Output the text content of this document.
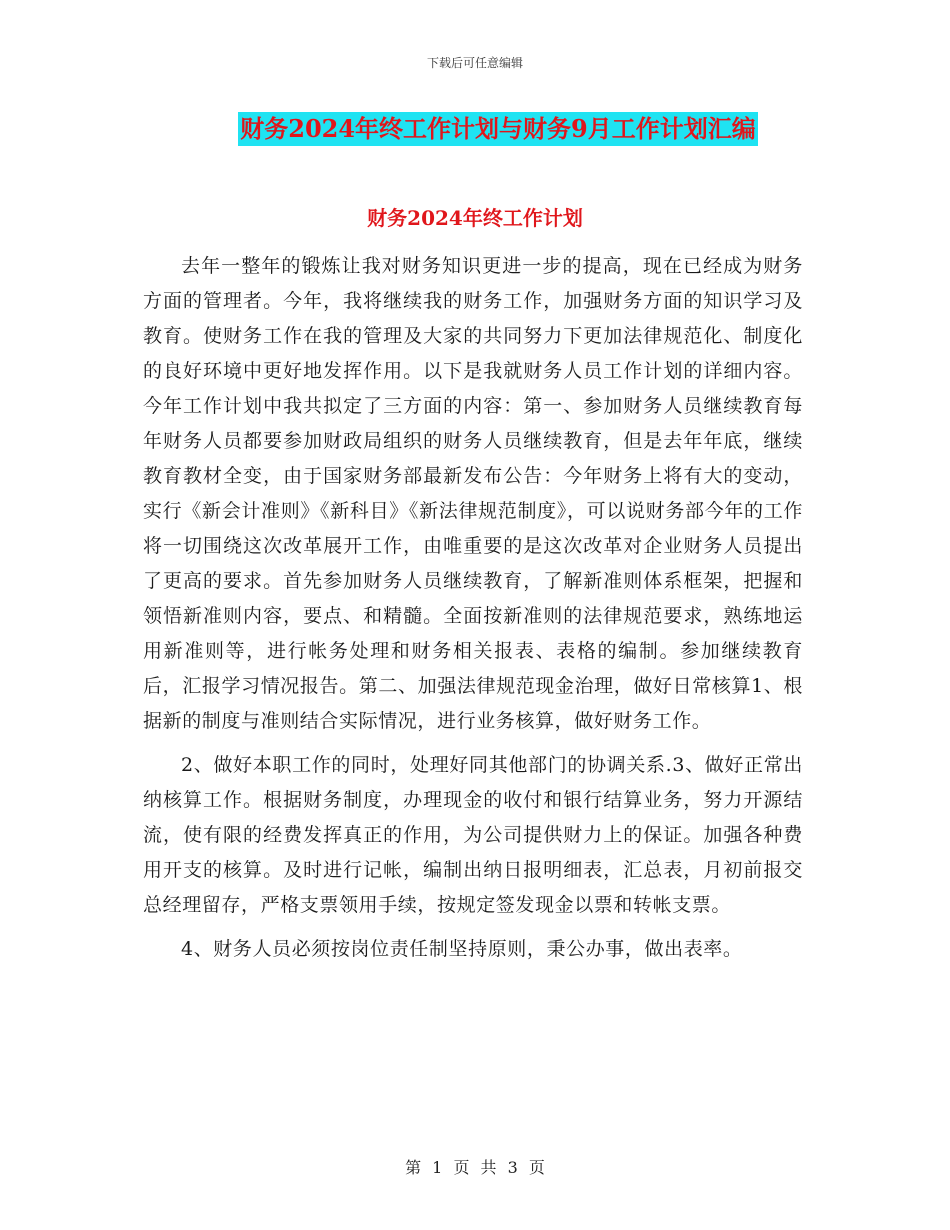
下载后可任意编辑
财务2024年终工作计划与财务9月工作计划汇编
财务2024年终工作计划

去年一整年的锻炼让我对财务知识更进一步的提高，现在已经成为财务方面的管理者。今年，我将继续我的财务工作，加强财务方面的知识学习及教育。使财务工作在我的管理及大家的共同努力下更加法律规范化、制度化的良好环境中更好地发挥作用。以下是我就财务人员工作计划的详细内容。今年工作计划中我共拟定了三方面的内容：第一、参加财务人员继续教育每年财务人员都要参加财政局组织的财务人员继续教育，但是去年年底，继续教育教材全变，由于国家财务部最新发布公告：今年财务上将有大的变动，实行《新会计准则》《新科目》《新法律规范制度》，可以说财务部今年的工作将一切围绕这次改革展开工作，由唯重要的是这次改革对企业财务人员提出了更高的要求。首先参加财务人员继续教育，了解新准则体系框架，把握和领悟新准则内容，要点、和精髓。全面按新准则的法律规范要求，熟练地运用新准则等，进行帐务处理和财务相关报表、表格的编制。参加继续教育后，汇报学习情况报告。第二、加强法律规范现金治理，做好日常核算1、根据新的制度与准则结合实际情况，进行业务核算，做好财务工作。

2、做好本职工作的同时，处理好同其他部门的协调关系.3、做好正常出纳核算工作。根据财务制度，办理现金的收付和银行结算业务，努力开源结流，使有限的经费发挥真正的作用，为公司提供财力上的保证。加强各种费用开支的核算。及时进行记帐，编制出纳日报明细表，汇总表，月初前报交总经理留存，严格支票领用手续，按规定签发现金以票和转帐支票。

4、财务人员必须按岗位责任制坚持原则，秉公办事，做出表率。

第 1 页 共 3 页
